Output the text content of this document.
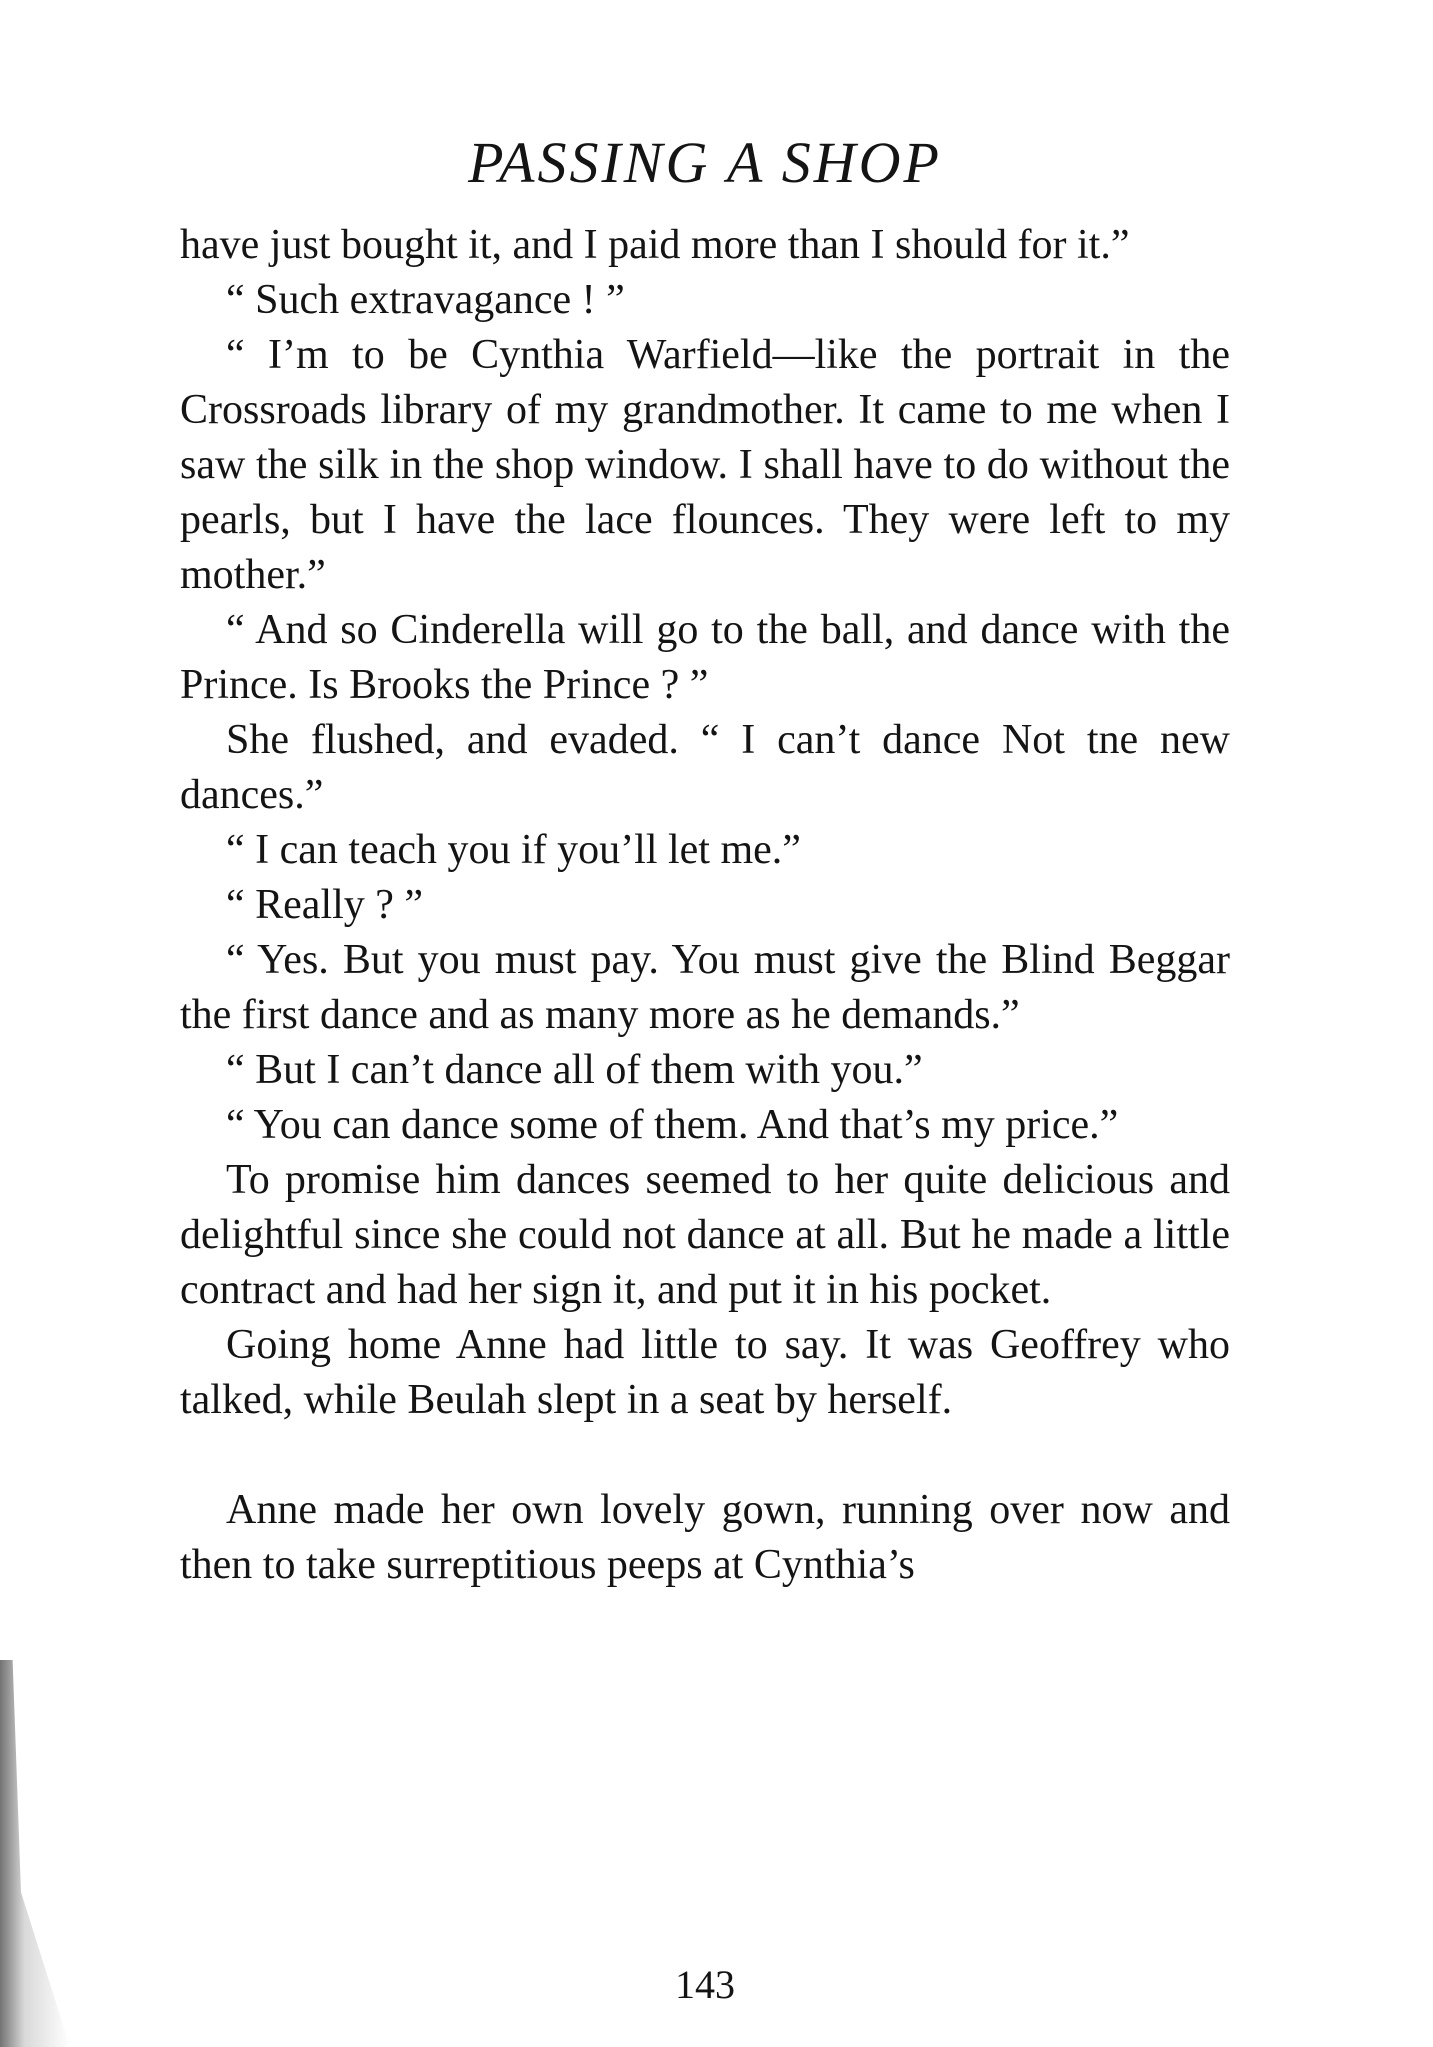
PASSING A SHOP

have just bought it, and I paid more than I should for it.”

“ Such extravagance ! ”

“ I’m to be Cynthia Warfield—like the portrait in the Crossroads library of my grandmother. It came to me when I saw the silk in the shop window. I shall have to do without the pearls, but I have the lace flounces. They were left to my mother.”

“ And so Cinderella will go to the ball, and dance with the Prince. Is Brooks the Prince ? ”

She flushed, and evaded. “ I can’t dance Not tne new dances.”

“ I can teach you if you’ll let me.”

“ Really ? ”

“ Yes. But you must pay. You must give the Blind Beggar the first dance and as many more as he demands.”

“ But I can’t dance all of them with you.”

“ You can dance some of them. And that’s my price.”

To promise him dances seemed to her quite delicious and delightful since she could not dance at all. But he made a little contract and had her sign it, and put it in his pocket.

Going home Anne had little to say. It was Geoffrey who talked, while Beulah slept in a seat by herself.

Anne made her own lovely gown, running over now and then to take surreptitious peeps at Cynthia’s

143
